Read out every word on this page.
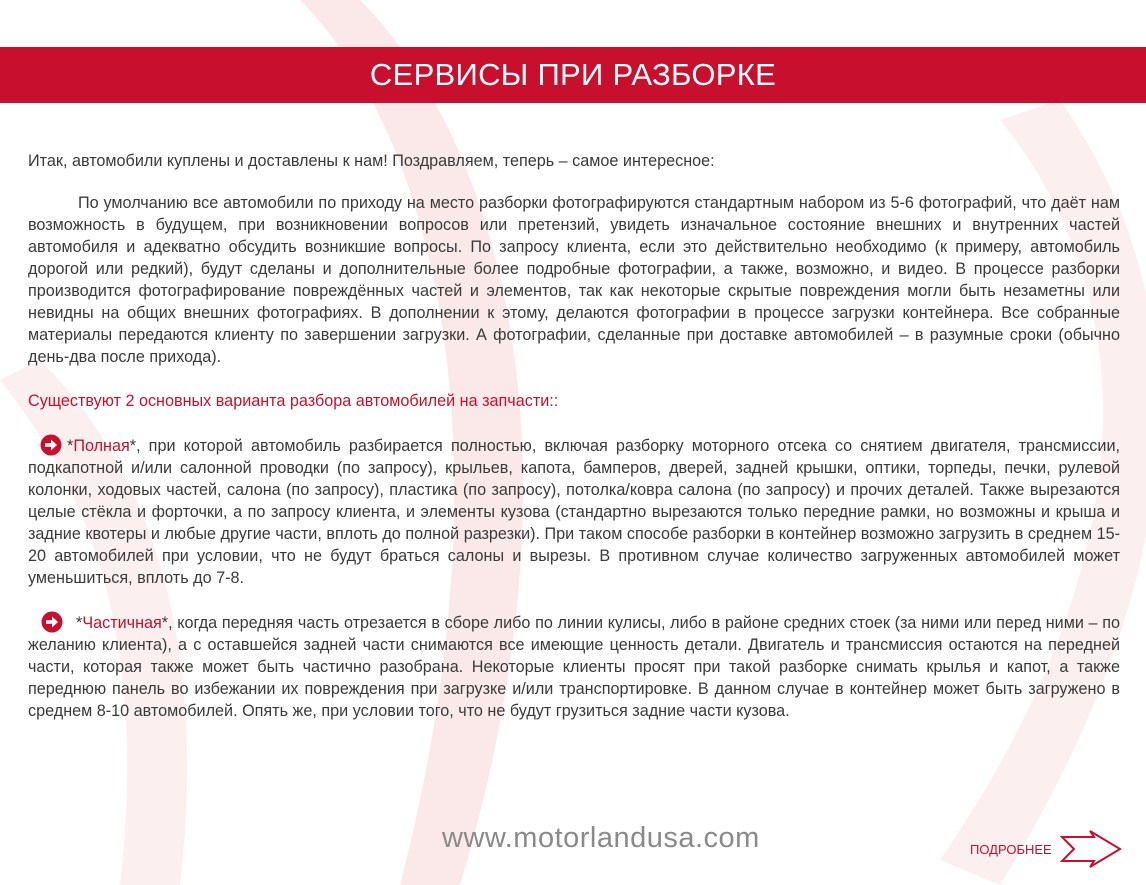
СЕРВИСЫ ПРИ РАЗБОРКЕ

Итак, автомобили куплены и доставлены к нам! Поздравляем, теперь – самое интересное:

По умолчанию все автомобили по приходу на место разборки фотографируются стандартным набором из 5-6 фотографий, что даёт нам возможность в будущем, при возникновении вопросов или претензий, увидеть изначальное состояние внешних и внутренних частей автомобиля и адекватно обсудить возникшие вопросы. По запросу клиента, если это действительно необходимо (к примеру, автомобиль дорогой или редкий), будут сделаны и дополнительные более подробные фотографии, а также, возможно, и видео. В процессе разборки производится фотографирование повреждённых частей и элементов, так как некоторые скрытые повреждения могли быть незаметны или невидны на общих внешних фотографиях. В дополнении к этому, делаются фотографии в процессе загрузки контейнера. Все собранные материалы передаются клиенту по завершении загрузки. А фотографии, сделанные при доставке автомобилей – в разумные сроки (обычно день-два после прихода).

Существуют 2 основных варианта разбора автомобилей на запчасти::

*Полная*, при которой автомобиль разбирается полностью, включая разборку моторного отсека со снятием двигателя, трансмиссии, подкапотной и/или салонной проводки (по запросу), крыльев, капота, бамперов, дверей, задней крышки, оптики, торпеды, печки, рулевой колонки, ходовых частей, салона (по запросу), пластика (по запросу), потолка/ковра салона (по запросу) и прочих деталей. Также вырезаются целые стёкла и форточки, а по запросу клиента, и элементы кузова (стандартно вырезаются только передние рамки, но возможны и крыша и задние квотеры и любые другие части, вплоть до полной разрезки). При таком способе разборки в контейнер возможно загрузить в среднем 15-20 автомобилей при условии, что не будут браться салоны и вырезы. В противном случае количество загруженных автомобилей может уменьшиться, вплоть до 7-8.

*Частичная*, когда передняя часть отрезается в сборе либо по линии кулисы, либо в районе средних стоек (за ними или перед ними – по желанию клиента), а с оставшейся задней части снимаются все имеющие ценность детали. Двигатель и трансмиссия остаются на передней части, которая также может быть частично разобрана. Некоторые клиенты просят при такой разборке снимать крылья и капот, а также переднюю панель во избежании их повреждения при загрузке и/или транспортировке. В данном случае в контейнер может быть загружено в среднем 8-10 автомобилей. Опять же, при условии того, что не будут грузиться задние части кузова.

www.motorlandusa.com	ПОДРОБНЕЕ
